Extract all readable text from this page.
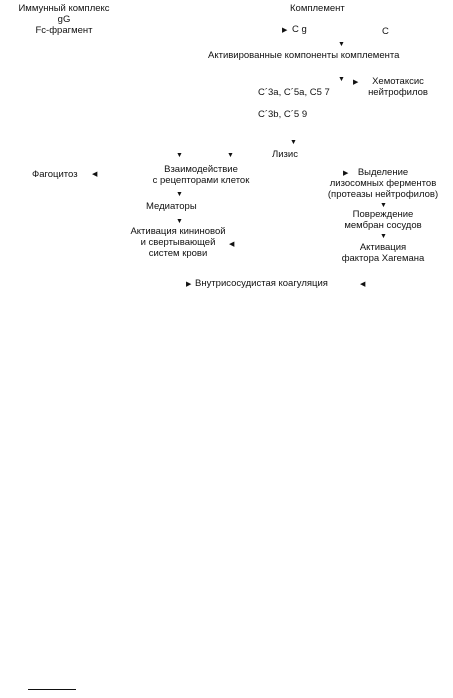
Иммунный комплекс
gG
Fc-фрагмент
Комплемент
▶ C g	C
▼
Активированные компоненты комплемента
▼
C´3a, C´5a, C5 7
▶	Хемотаксис
нейтрофилов
C´3b, C´5 9
▼
Лизис
▼	▼
Фагоцитоз ◀	Взаимодействие
с рецепторами клеток
▼
Медиаторы
▼
Активация кининовой
и свертывающей
систем крови
◀
▶ Выделение
лизосомных ферментов
(протеазы нейтрофилов)
▼
Повреждение
мембран сосудов
▼
Активация
фактора Хагемана
▶ Внутрисосудистая коагуляция	◀
